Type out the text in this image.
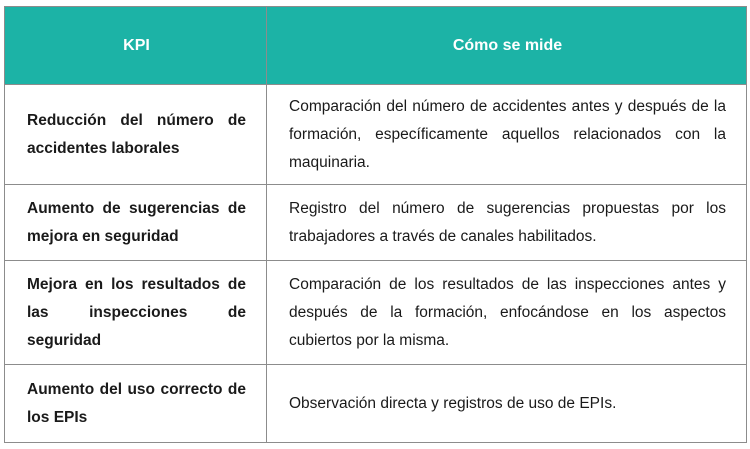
KPI	Cómo se mide
Reducción del número de accidentes laborales
Comparación del número de accidentes antes y después de la formación, específicamente aquellos relacionados con la maquinaria.
Aumento de sugerencias de mejora en seguridad
Registro del número de sugerencias propuestas por los trabajadores a través de canales habilitados.
Mejora en los resultados de las inspecciones de seguridad
Comparación de los resultados de las inspecciones antes y después de la formación, enfocándose en los aspectos cubiertos por la misma.
Aumento del uso correcto de los EPIs
Observación directa y registros de uso de EPIs.
